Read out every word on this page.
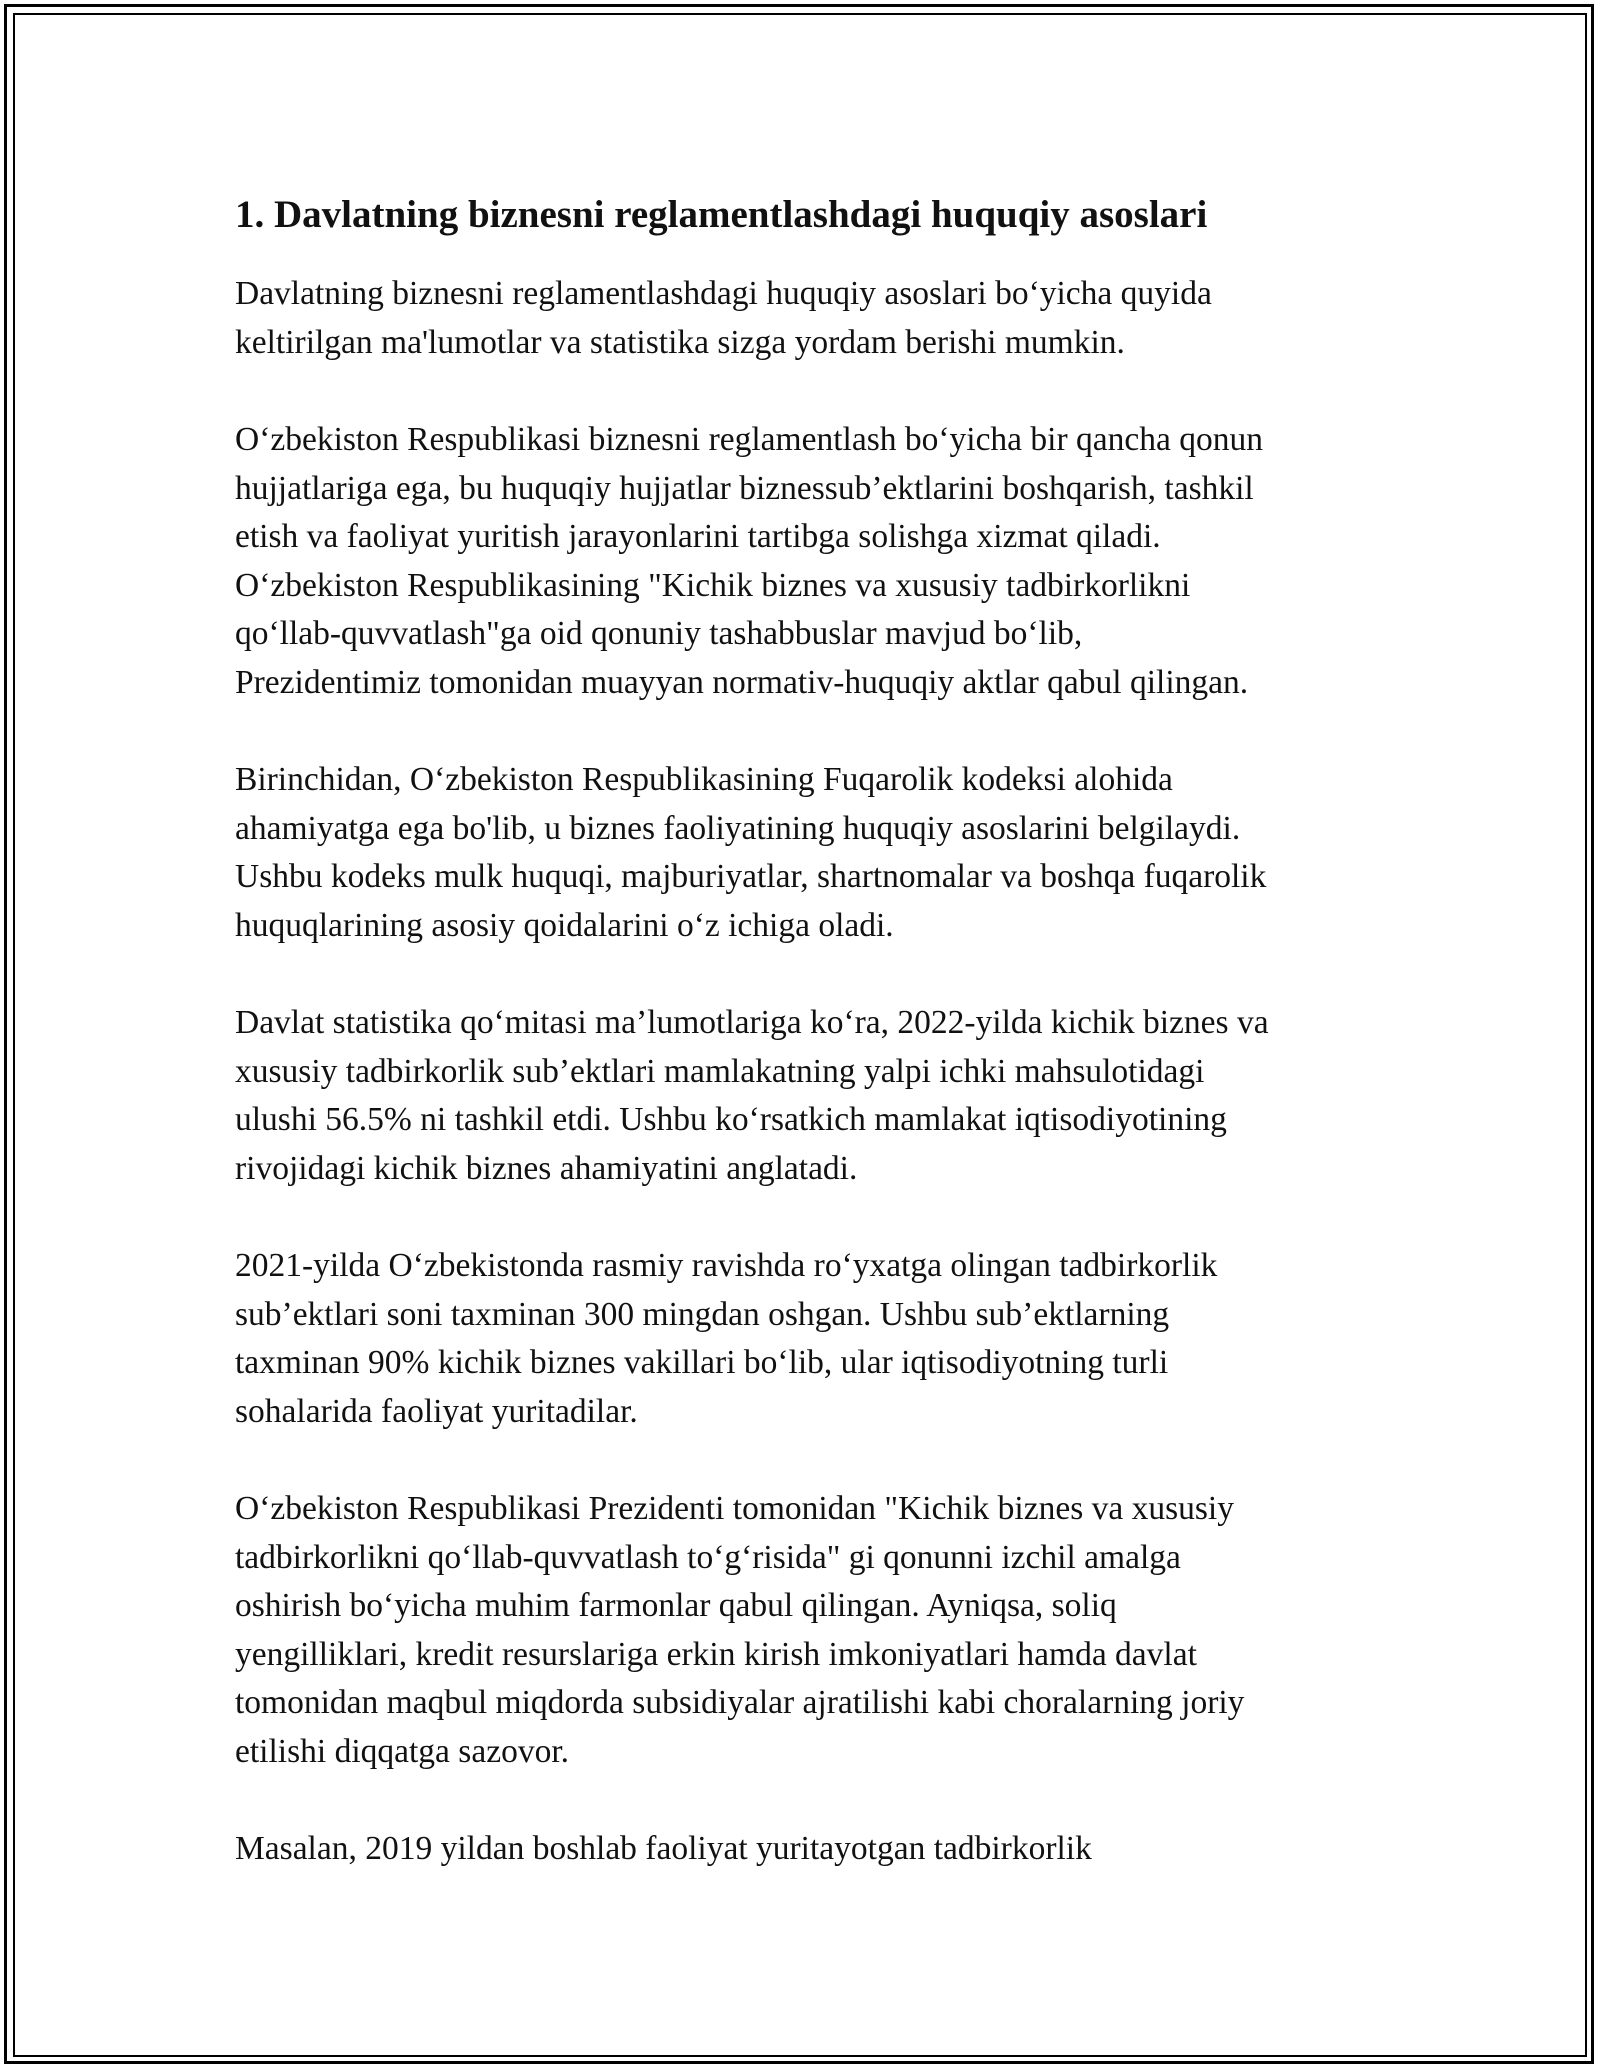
1. Davlatning biznesni reglamentlashdagi huquqiy asoslari

Davlatning biznesni reglamentlashdagi huquqiy asoslari bo‘yicha quyida
keltirilgan ma'lumotlar va statistika sizga yordam berishi mumkin.

O‘zbekiston Respublikasi biznesni reglamentlash bo‘yicha bir qancha qonun
hujjatlariga ega, bu huquqiy hujjatlar biznessub’ektlarini boshqarish, tashkil
etish va faoliyat yuritish jarayonlarini tartibga solishga xizmat qiladi.
O‘zbekiston Respublikasining "Kichik biznes va xususiy tadbirkorlikni
qo‘llab-quvvatlash"ga oid qonuniy tashabbuslar mavjud bo‘lib,
Prezidentimiz tomonidan muayyan normativ-huquqiy aktlar qabul qilingan.

Birinchidan, O‘zbekiston Respublikasining Fuqarolik kodeksi alohida
ahamiyatga ega bo'lib, u biznes faoliyatining huquqiy asoslarini belgilaydi.
Ushbu kodeks mulk huquqi, majburiyatlar, shartnomalar va boshqa fuqarolik
huquqlarining asosiy qoidalarini o‘z ichiga oladi.

Davlat statistika qo‘mitasi ma’lumotlariga ko‘ra, 2022-yilda kichik biznes va
xususiy tadbirkorlik sub’ektlari mamlakatning yalpi ichki mahsulotidagi
ulushi 56.5% ni tashkil etdi. Ushbu ko‘rsatkich mamlakat iqtisodiyotining
rivojidagi kichik biznes ahamiyatini anglatadi.

2021-yilda O‘zbekistonda rasmiy ravishda ro‘yxatga olingan tadbirkorlik
sub’ektlari soni taxminan 300 mingdan oshgan. Ushbu sub’ektlarning
taxminan 90% kichik biznes vakillari bo‘lib, ular iqtisodiyotning turli
sohalarida faoliyat yuritadilar.

O‘zbekiston Respublikasi Prezidenti tomonidan "Kichik biznes va xususiy
tadbirkorlikni qo‘llab-quvvatlash to‘g‘risida" gi qonunni izchil amalga
oshirish bo‘yicha muhim farmonlar qabul qilingan. Ayniqsa, soliq
yengilliklari, kredit resurslariga erkin kirish imkoniyatlari hamda davlat
tomonidan maqbul miqdorda subsidiyalar ajratilishi kabi choralarning joriy
etilishi diqqatga sazovor.

Masalan, 2019 yildan boshlab faoliyat yuritayotgan tadbirkorlik
